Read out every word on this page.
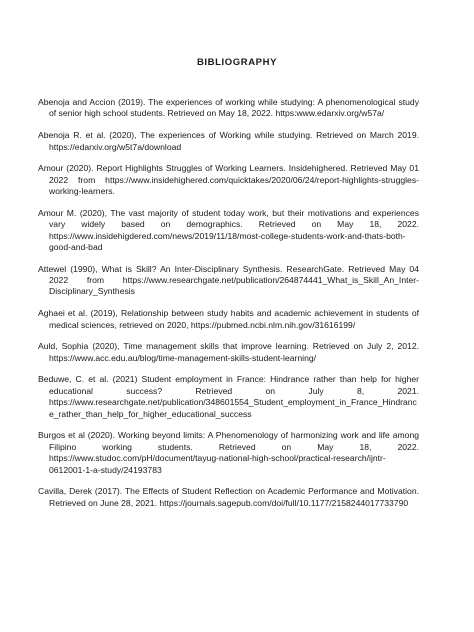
BIBLIOGRAPHY

Abenoja and Accion (2019). The experiences of working while studying: A phenomenological study of senior high school students. Retrieved on May 18, 2022. https:www.edarxiv.org/w57a/

Abenoja R. et al. (2020), The experiences of Working while studying. Retrieved on March 2019. https://edarxiv.org/w5t7a/download

Amour (2020). Report Highlights Struggles of Working Learners. Insidehighered. Retrieved May 01 2022 from https://www.insidehighered.com/quicktakes/2020/06/24/report-highlights-struggles-working-learners.

Amour M. (2020), The vast majority of student today work, but their motivations and experiences vary widely based on demographics. Retrieved on May 18, 2022. https://www.insidehigdered.com/news/2019/11/18/most-college-students-work-and-thats-both-good-and-bad

Attewel (1990), What is Skill? An Inter-Disciplinary Synthesis. ResearchGate. Retrieved May 04 2022 from https://www.researchgate.net/publication/264874441_What_is_Skill_An_Inter-Disciplinary_Synthesis

Aghaei et al. (2019), Relationship between study habits and academic achievement in students of medical sciences, retrieved on 2020, https://pubmed.ncbi.nlm.nih.gov/31616199/

Auld, Sophia (2020), Time management skills that improve learning. Retrieved on July 2, 2012. https://www.acc.edu.au/blog/time-management-skills-student-learning/

Beduwe, C. et al. (2021) Student employment in France: Hindrance rather than help for higher educational success? Retrieved on July 8, 2021. https://www.researchgate.net/publication/348601554_Student_employment_in_France_Hindrance_rather_than_help_for_higher_educational_success

Burgos et al (2020). Working beyond limits: A Phenomenology of harmonizing work and life among Filipino working students. Retrieved on May 18, 2022. https://www.studoc.com/pH/document/tayug-national-high-school/practical-research/ijntr-0612001-1-a-study/24193783

Cavilla, Derek (2017). The Effects of Student Reflection on Academic Performance and Motivation. Retrieved on June 28, 2021. https://journals.sagepub.com/doi/full/10.1177/2158244017733790
